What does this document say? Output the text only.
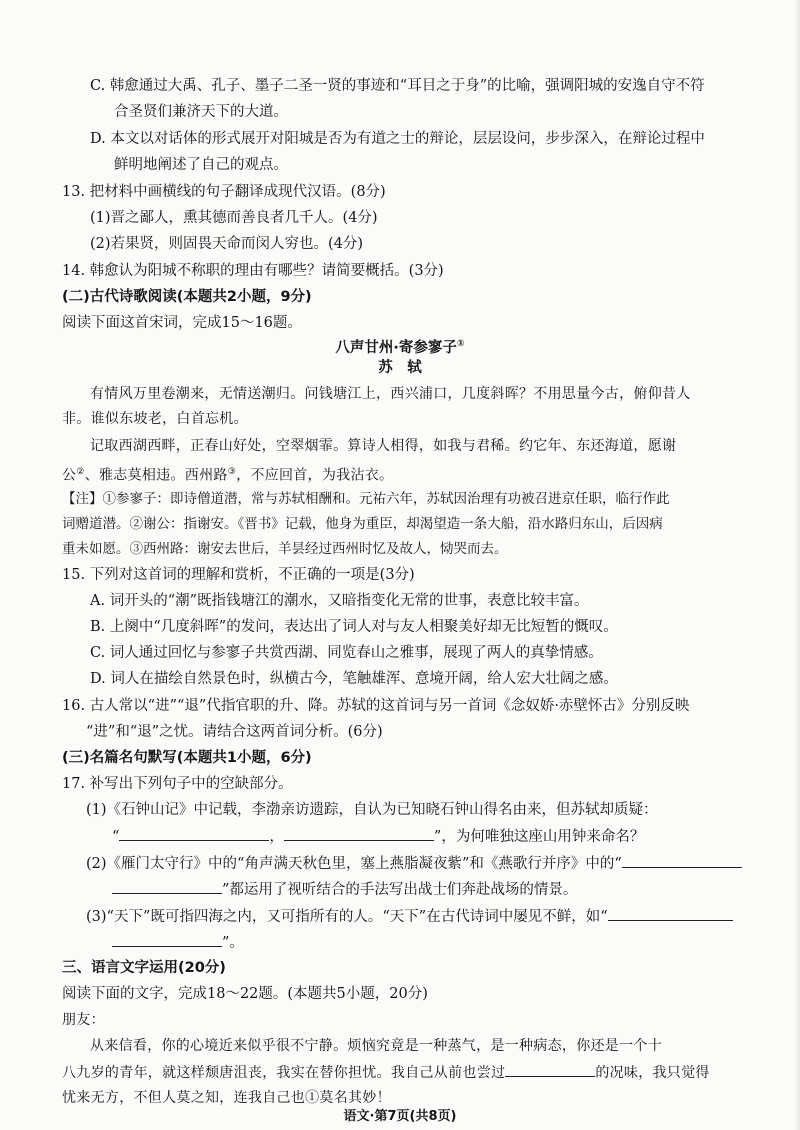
C. 韩愈通过大禹、孔子、墨子二圣一贤的事迹和“耳目之于身”的比喻，强调阳城的安逸自守不符
合圣贤们兼济天下的大道。
D. 本文以对话体的形式展开对阳城是否为有道之士的辩论，层层设问，步步深入，在辩论过程中
鲜明地阐述了自己的观点。
13. 把材料中画横线的句子翻译成现代汉语。(8分)
(1)晋之鄙人，熏其德而善良者几千人。(4分)
(2)若果贤，则固畏天命而闵人穷也。(4分)
14. 韩愈认为阳城不称职的理由有哪些？请简要概括。(3分)
(二)古代诗歌阅读(本题共2小题，9分)
阅读下面这首宋词，完成15～16题。
八声甘州·寄参寥子①
苏　轼
有情风万里卷潮来，无情送潮归。问钱塘江上，西兴浦口，几度斜晖？不用思量今古，俯仰昔人
非。谁似东坡老，白首忘机。
记取西湖西畔，正春山好处，空翠烟霏。算诗人相得，如我与君稀。约它年、东还海道，愿谢
公②、雅志莫相违。西州路③，不应回首，为我沾衣。
【注】①参寥子：即诗僧道潜，常与苏轼相酬和。元祐六年，苏轼因治理有功被召进京任职，临行作此
词赠道潜。②谢公：指谢安。《晋书》记载，他身为重臣，却渴望造一条大船，沿水路归东山，后因病
重未如愿。③西州路：谢安去世后，羊昙经过西州时忆及故人，恸哭而去。
15. 下列对这首词的理解和赏析，不正确的一项是(3分)
A. 词开头的“潮”既指钱塘江的潮水，又暗指变化无常的世事，表意比较丰富。
B. 上阕中“几度斜晖”的发问，表达出了词人对与友人相聚美好却无比短暂的慨叹。
C. 词人通过回忆与参寥子共赏西湖、同览春山之雅事，展现了两人的真挚情感。
D. 词人在描绘自然景色时，纵横古今，笔触雄浑、意境开阔，给人宏大壮阔之感。
16. 古人常以“进”“退”代指官职的升、降。苏轼的这首词与另一首词《念奴娇·赤壁怀古》分别反映
“进”和“退”之忧。请结合这两首词分析。(6分)
(三)名篇名句默写(本题共1小题，6分)
17. 补写出下列句子中的空缺部分。
(1)《石钟山记》中记载，李渤亲访遗踪，自认为已知晓石钟山得名由来，但苏轼却质疑：
“	，	”，为何唯独这座山用钟来命名？
(2)《雁门太守行》中的“角声满天秋色里，塞上燕脂凝夜紫”和《燕歌行并序》中的“
”都运用了视听结合的手法写出战士们奔赴战场的情景。
(3)“天下”既可指四海之内，又可指所有的人。“天下”在古代诗词中屡见不鲜，如“
”。
三、语言文字运用(20分)
阅读下面的文字，完成18～22题。(本题共5小题，20分)
朋友：
从来信看，你的心境近来似乎很不宁静。烦恼究竟是一种蒸气，是一种病态，你还是一个十
八九岁的青年，就这样颓唐沮丧，我实在替你担忧。我自己从前也尝过	的况味，我只觉得
忧来无方，不但人莫之知，连我自己也①莫名其妙！
语文·第7页(共8页)
